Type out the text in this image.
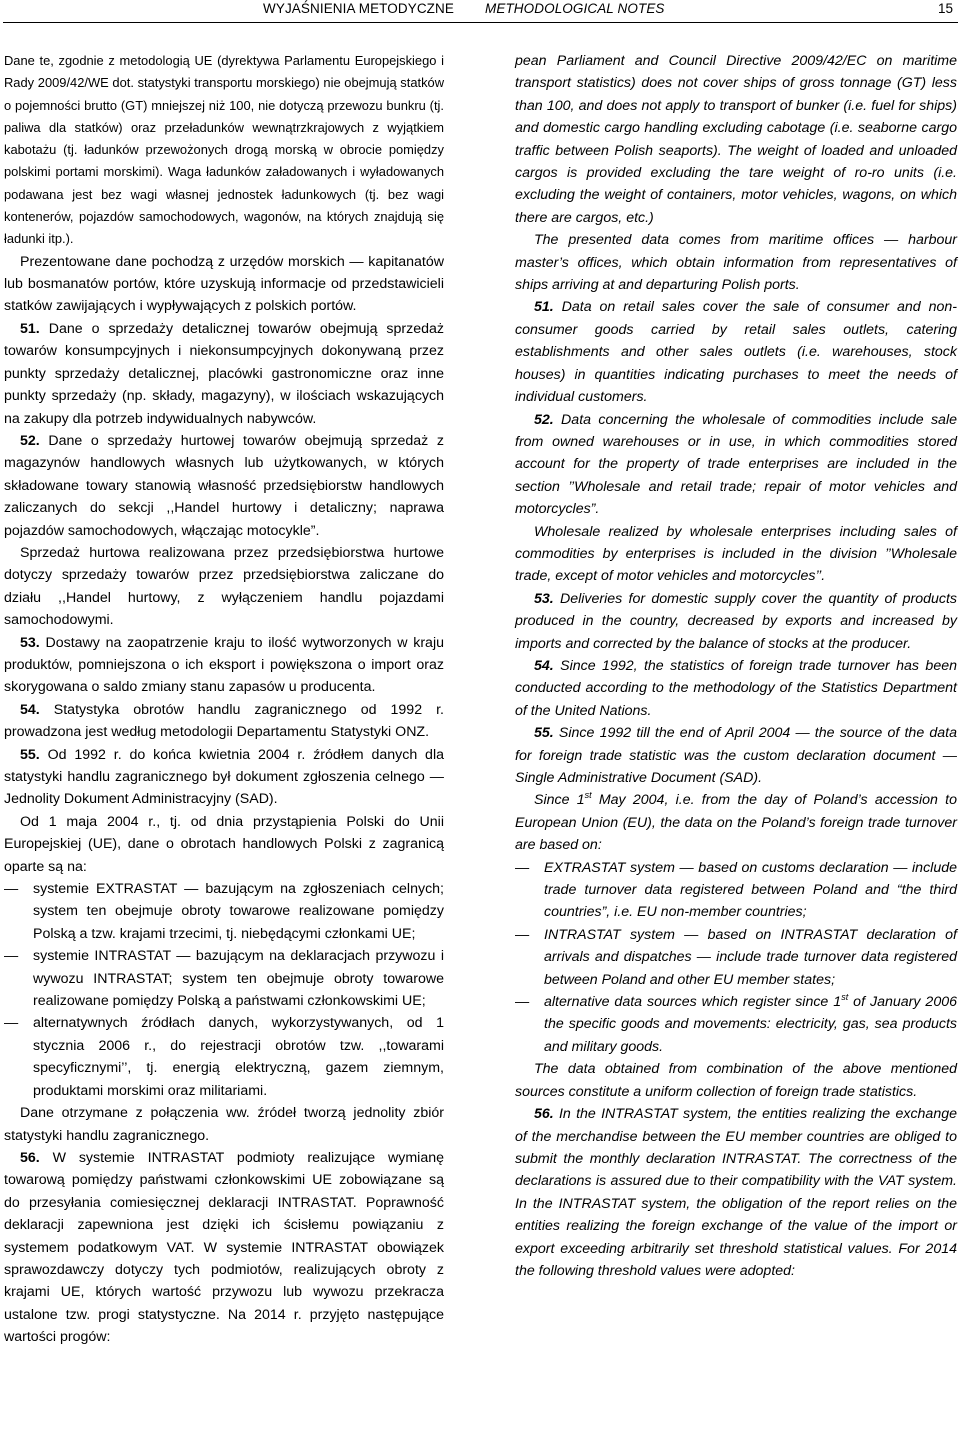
WYJAŚNIENIA METODYCZNE METHODOLOGICAL NOTES	15

Dane te, zgodnie z metodologią UE (dyrektywa Parlamentu Europejskiego i Rady 2009/42/WE dot. statystyki transportu morskiego) nie obejmują statków o pojemności brutto (GT) mniejszej niż 100, nie dotyczą przewozu bunkru (tj. paliwa dla statków) oraz przeładunków wewnątrzkrajowych z wyjątkiem kabotażu (tj. ładunków przewożonych drogą morską w obrocie pomiędzy polskimi portami morskimi). Waga ładunków załadowanych i wyładowanych podawana jest bez wagi własnej jednostek ładunkowych (tj. bez wagi kontenerów, pojazdów samochodowych, wagonów, na których znajdują się ładunki itp.).

Prezentowane dane pochodzą z urzędów morskich — kapitanatów lub bosmanatów portów, które uzyskują informacje od przedstawicieli statków zawijających i wypływających z polskich portów.

51. Dane o sprzedaży detalicznej towarów obejmują sprzedaż towarów konsumpcyjnych i niekonsumpcyjnych dokonywaną przez punkty sprzedaży detalicznej, placówki gastronomiczne oraz inne punkty sprzedaży (np. składy, magazyny), w ilościach wskazujących na zakupy dla potrzeb indywidualnych nabywców.

52. Dane o sprzedaży hurtowej towarów obejmują sprzedaż z magazynów handlowych własnych lub użytkowanych, w których składowane towary stanowią własność przedsiębiorstw handlowych zaliczanych do sekcji ,,Handel hurtowy i detaliczny; naprawa pojazdów samochodowych, włączając motocykle”.

Sprzedaż hurtowa realizowana przez przedsiębiorstwa hurtowe dotyczy sprzedaży towarów przez przedsiębiorstwa zaliczane do działu ,,Handel hurtowy, z wyłączeniem handlu pojazdami samochodowymi.

53. Dostawy na zaopatrzenie kraju to ilość wytworzonych w kraju produktów, pomniejszona o ich eksport i powiększona o import oraz skorygowana o saldo zmiany stanu zapasów u producenta.

54. Statystyka obrotów handlu zagranicznego od 1992 r. prowadzona jest według metodologii Departamentu Statystyki ONZ.

55. Od 1992 r. do końca kwietnia 2004 r. źródłem danych dla statystyki handlu zagranicznego był dokument zgłoszenia celnego — Jednolity Dokument Administracyjny (SAD).

Od 1 maja 2004 r., tj. od dnia przystąpienia Polski do Unii Europejskiej (UE), dane o obrotach handlowych Polski z zagranicą oparte są na:

— systemie EXTRASTAT — bazującym na zgłoszeniach celnych; system ten obejmuje obroty towarowe realizowane pomiędzy Polską a tzw. krajami trzecimi, tj. niebędącymi członkami UE;

— systemie INTRASTAT — bazującym na deklaracjach przywozu i wywozu INTRASTAT; system ten obejmuje obroty towarowe realizowane pomiędzy Polską a państwami członkowskimi UE;

— alternatywnych źródłach danych, wykorzystywanych, od 1 stycznia 2006 r., do rejestracji obrotów tzw. ,,towarami specyficznymi’’, tj. energią elektryczną, gazem ziemnym, produktami morskimi oraz militariami.

Dane otrzymane z połączenia ww. źródeł tworzą jednolity zbiór statystyki handlu zagranicznego.

56. W systemie INTRASTAT podmioty realizujące wymianę towarową pomiędzy państwami członkowskimi UE zobowiązane są do przesyłania comiesięcznej deklaracji INTRASTAT. Poprawność deklaracji zapewniona jest dzięki ich ścisłemu powiązaniu z systemem podatkowym VAT. W systemie INTRASTAT obowiązek sprawozdawczy dotyczy tych podmiotów, realizujących obroty z krajami UE, których wartość przywozu lub wywozu przekracza ustalone tzw. progi statystyczne. Na 2014 r. przyjęto następujące wartości progów:

pean Parliament and Council Directive 2009/42/EC on maritime transport statistics) does not cover ships of gross tonnage (GT) less than 100, and does not apply to transport of bunker (i.e. fuel for ships) and domestic cargo handling excluding cabotage (i.e. seaborne cargo traffic between Polish seaports). The weight of loaded and unloaded cargos is provided excluding the tare weight of ro-ro units (i.e. excluding the weight of containers, motor vehicles, wagons, on which there are cargos, etc.)

The presented data comes from maritime offices — harbour master’s offices, which obtain information from representatives of ships arriving at and departuring Polish ports.

51. Data on retail sales cover the sale of consumer and non-consumer goods carried by retail sales outlets, catering establishments and other sales outlets (i.e. warehouses, stock houses) in quantities indicating purchases to meet the needs of individual customers.

52. Data concerning the wholesale of commodities include sale from owned warehouses or in use, in which commodities stored account for the property of trade enterprises are included in the section ’’Wholesale and retail trade; repair of motor vehicles and motorcycles”.

Wholesale realized by wholesale enterprises including sales of commodities by enterprises is included in the division ’’Wholesale trade, except of motor vehicles and motorcycles’’.

53. Deliveries for domestic supply cover the quantity of products produced in the country, decreased by exports and increased by imports and corrected by the balance of stocks at the producer.

54. Since 1992, the statistics of foreign trade turnover has been conducted according to the methodology of the Statistics Department of the United Nations.

55. Since 1992 till the end of April 2004 — the source of the data for foreign trade statistic was the custom declaration document — Single Administrative Document (SAD).

Since 1st May 2004, i.e. from the day of Poland’s accession to European Union (EU), the data on the Poland’s foreign trade turnover are based on:

— EXTRASTAT system — based on customs declaration — include trade turnover data registered between Poland and “the third countries”, i.e. EU non-member countries;

— INTRASTAT system — based on INTRASTAT declaration of arrivals and dispatches — include trade turnover data registered between Poland and other EU member states;

— alternative data sources which register since 1st of January 2006 the specific goods and movements: electricity, gas, sea products and military goods.

The data obtained from combination of the above mentioned sources constitute a uniform collection of foreign trade statistics.

56. In the INTRASTAT system, the entities realizing the exchange of the merchandise between the EU member countries are obliged to submit the monthly declaration INTRASTAT. The correctness of the declarations is assured due to their compatibility with the VAT system. In the INTRASTAT system, the obligation of the report relies on the entities realizing the foreign exchange of the value of the import or export exceeding arbitrarily set threshold statistical values. For 2014 the following threshold values were adopted:
